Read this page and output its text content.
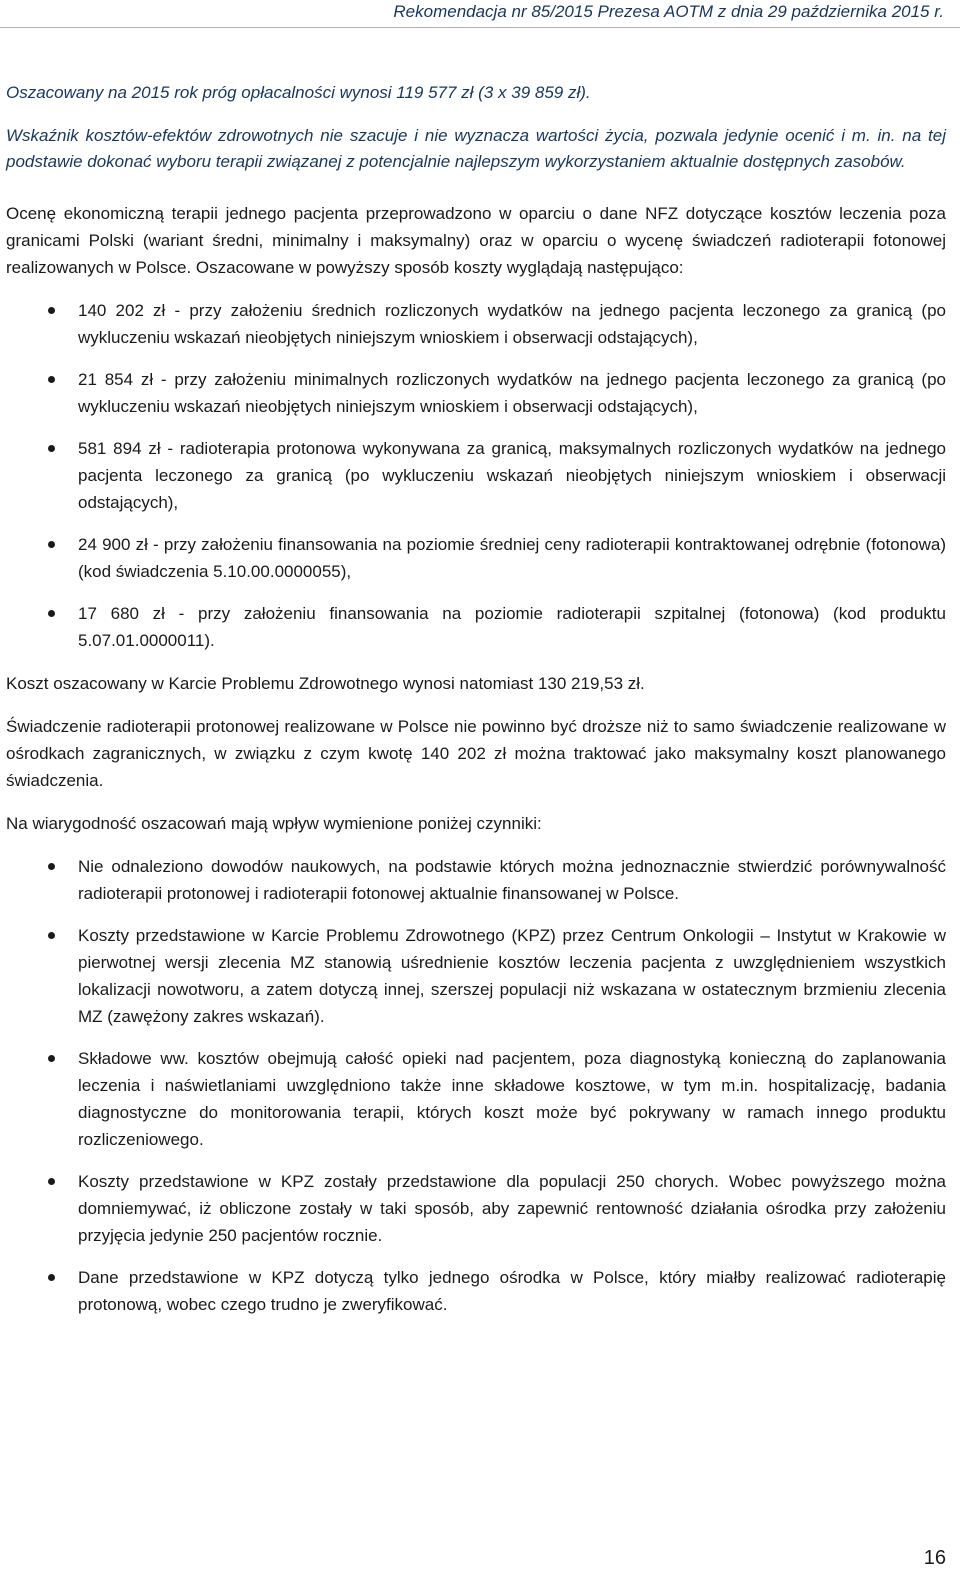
Rekomendacja nr 85/2015 Prezesa AOTM z dnia 29 października 2015 r.
Oszacowany na 2015 rok próg opłacalności wynosi 119 577 zł (3 x 39 859 zł).
Wskaźnik kosztów-efektów zdrowotnych nie szacuje i nie wyznacza wartości życia, pozwala jedynie ocenić i m. in. na tej podstawie dokonać wyboru terapii związanej z potencjalnie najlepszym wykorzystaniem aktualnie dostępnych zasobów.

Ocenę ekonomiczną terapii jednego pacjenta przeprowadzono w oparciu o dane NFZ dotyczące kosztów leczenia poza granicami Polski (wariant średni, minimalny i maksymalny) oraz w oparciu o wycenę świadczeń radioterapii fotonowej realizowanych w Polsce. Oszacowane w powyższy sposób koszty wyglądają następująco:

140 202 zł - przy założeniu średnich rozliczonych wydatków na jednego pacjenta leczonego za granicą (po wykluczeniu wskazań nieobjętych niniejszym wnioskiem i obserwacji odstających),
21 854 zł - przy założeniu minimalnych rozliczonych wydatków na jednego pacjenta leczonego za granicą (po wykluczeniu wskazań nieobjętych niniejszym wnioskiem i obserwacji odstających),
581 894 zł - radioterapia protonowa wykonywana za granicą, maksymalnych rozliczonych wydatków na jednego pacjenta leczonego za granicą (po wykluczeniu wskazań nieobjętych niniejszym wnioskiem i obserwacji odstających),
24 900 zł - przy założeniu finansowania na poziomie średniej ceny radioterapii kontraktowanej odrębnie (fotonowa) (kod świadczenia 5.10.00.0000055),
17 680 zł - przy założeniu finansowania na poziomie radioterapii szpitalnej (fotonowa) (kod produktu 5.07.01.0000011).

Koszt oszacowany w Karcie Problemu Zdrowotnego wynosi natomiast 130 219,53 zł.

Świadczenie radioterapii protonowej realizowane w Polsce nie powinno być droższe niż to samo świadczenie realizowane w ośrodkach zagranicznych, w związku z czym kwotę 140 202 zł można traktować jako maksymalny koszt planowanego świadczenia.

Na wiarygodność oszacowań mają wpływ wymienione poniżej czynniki:

Nie odnaleziono dowodów naukowych, na podstawie których można jednoznacznie stwierdzić porównywalność radioterapii protonowej i radioterapii fotonowej aktualnie finansowanej w Polsce.
Koszty przedstawione w Karcie Problemu Zdrowotnego (KPZ) przez Centrum Onkologii – Instytut w Krakowie w pierwotnej wersji zlecenia MZ stanowią uśrednienie kosztów leczenia pacjenta z uwzględnieniem wszystkich lokalizacji nowotworu, a zatem dotyczą innej, szerszej populacji niż wskazana w ostatecznym brzmieniu zlecenia MZ (zawężony zakres wskazań).
Składowe ww. kosztów obejmują całość opieki nad pacjentem, poza diagnostyką konieczną do zaplanowania leczenia i naświetlaniami uwzględniono także inne składowe kosztowe, w tym m.in. hospitalizację, badania diagnostyczne do monitorowania terapii, których koszt może być pokrywany w ramach innego produktu rozliczeniowego.
Koszty przedstawione w KPZ zostały przedstawione dla populacji 250 chorych. Wobec powyższego można domniemywać, iż obliczone zostały w taki sposób, aby zapewnić rentowność działania ośrodka przy założeniu przyjęcia jedynie 250 pacjentów rocznie.
Dane przedstawione w KPZ dotyczą tylko jednego ośrodka w Polsce, który miałby realizować radioterapię protonową, wobec czego trudno je zweryfikować.
16
